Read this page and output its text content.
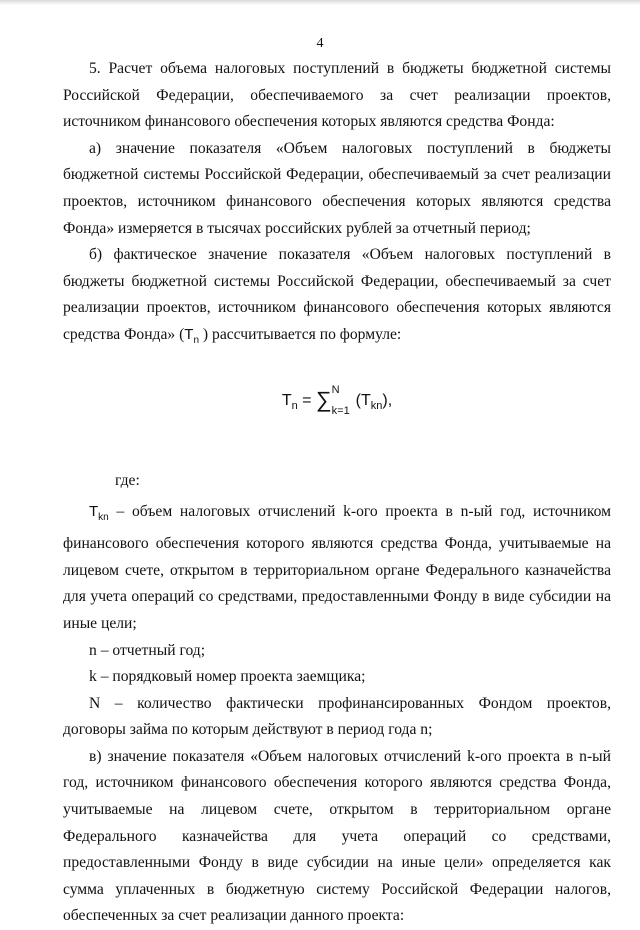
4

5. Расчет объема налоговых поступлений в бюджеты бюджетной системы Российской Федерации, обеспечиваемого за счет реализации проектов, источником финансового обеспечения которых являются средства Фонда:

а) значение показателя «Объем налоговых поступлений в бюджеты бюджетной системы Российской Федерации, обеспечиваемый за счет реализации проектов, источником финансового обеспечения которых являются средства Фонда» измеряется в тысячах российских рублей за отчетный период;

б) фактическое значение показателя «Объем налоговых поступлений в бюджеты бюджетной системы Российской Федерации, обеспечиваемый за счет реализации проектов, источником финансового обеспечения которых являются средства Фонда» ($T_n$ ) рассчитывается по формуле:

$T_n$ = ∑ N
k=1
$(T_{kn})$,

где:

$T_{kn}$ – объем налоговых отчислений k-ого проекта в n-ый год, источником финансового обеспечения которого являются средства Фонда, учитываемые на лицевом счете, открытом в территориальном органе Федерального казначейства для учета операций со средствами, предоставленными Фонду в виде субсидии на иные цели;

n – отчетный год;

k – порядковый номер проекта заемщика;

N – количество фактически профинансированных Фондом проектов, договоры займа по которым действуют в период года n;

в) значение показателя «Объем налоговых отчислений k-ого проекта в n-ый год, источником финансового обеспечения которого являются средства Фонда, учитываемые на лицевом счете, открытом в территориальном органе Федерального казначейства для учета операций со средствами, предоставленными Фонду в виде субсидии на иные цели» определяется как сумма уплаченных в бюджетную систему Российской Федерации налогов, обеспеченных за счет реализации данного проекта:
